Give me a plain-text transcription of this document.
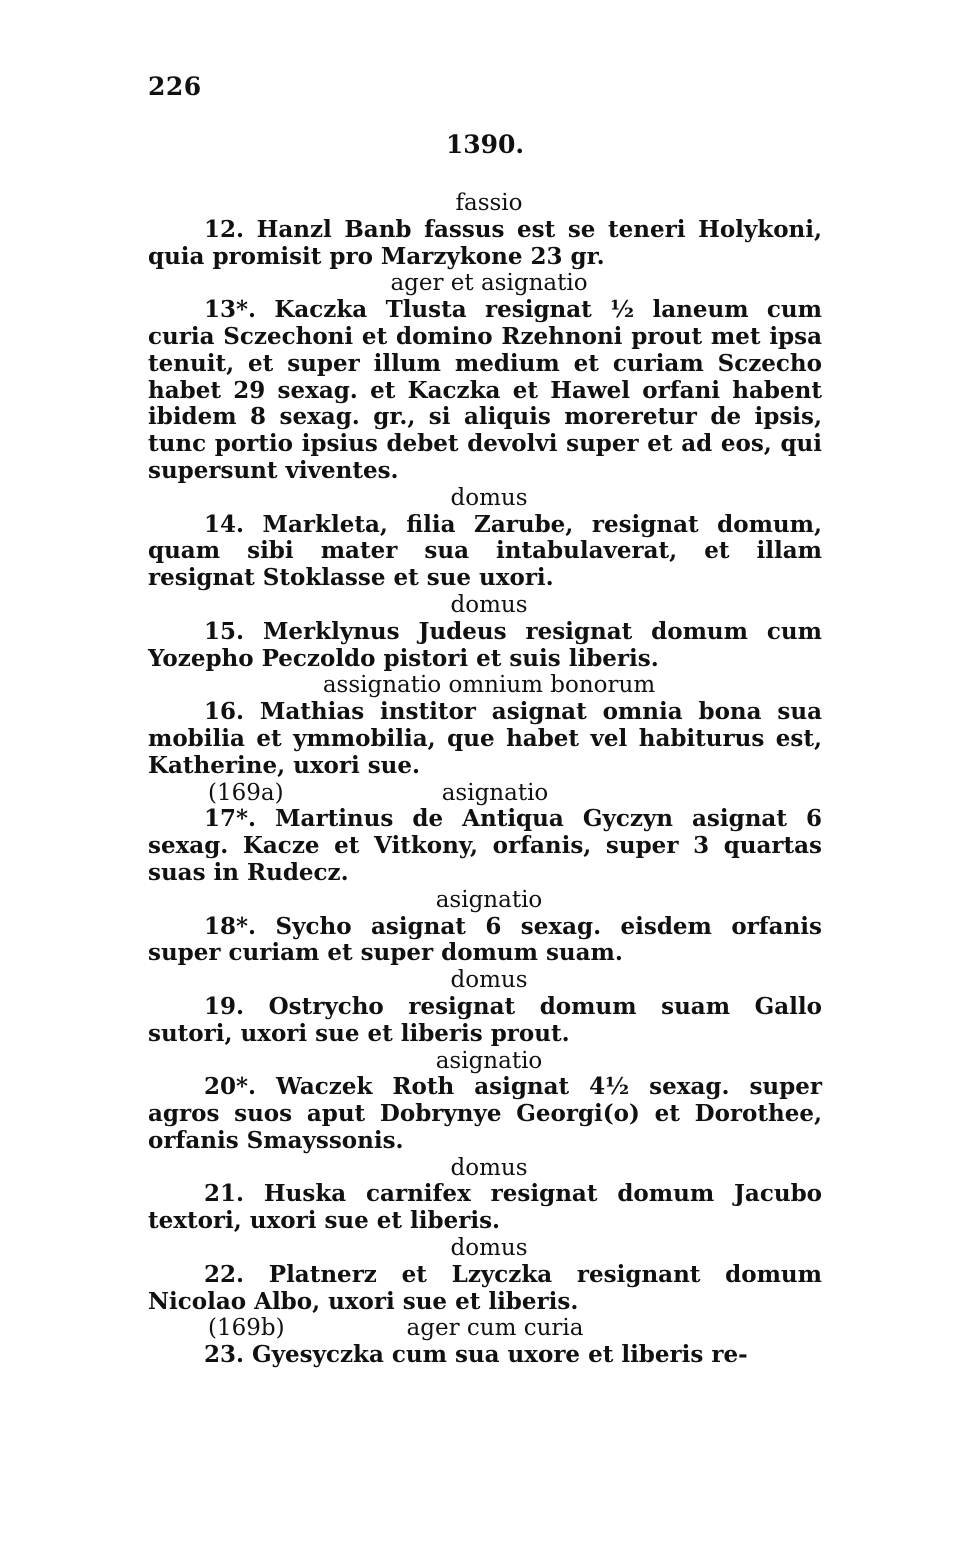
226
1390.
fassio
12. Hanzl Banb fassus est se teneri Holykoni, quia promisit pro Marzykone 23 gr.
ager et asignatio
13*. Kaczka Tlusta resignat ½ laneum cum curia Sczechoni et domino Rzehnoni prout met ipsa tenuit, et super illum medium et curiam Sczecho habet 29 sexag. et Kaczka et Hawel orfani habent ibidem 8 sexag. gr., si aliquis moreretur de ipsis, tunc portio ipsius debet devolvi super et ad eos, qui supersunt viventes.
domus
14. Markleta, filia Zarube, resignat domum, quam sibi mater sua intabulaverat, et illam resignat Stoklasse et sue uxori.
domus
15. Merklynus Judeus resignat domum cum Yozepho Peczoldo pistori et suis liberis.
assignatio omnium bonorum
16. Mathias institor asignat omnia bona sua mobilia et ymmobilia, que habet vel habiturus est, Katherine, uxori sue.
(169a)	asignatio
17*. Martinus de Antiqua Gyczyn asignat 6 sexag. Kacze et Vitkony, orfanis, super 3 quartas suas in Rudecz.
asignatio
18*. Sycho asignat 6 sexag. eisdem orfanis super curiam et super domum suam.
domus
19. Ostrycho resignat domum suam Gallo sutori, uxori sue et liberis prout.
asignatio
20*. Waczek Roth asignat 4½ sexag. super agros suos aput Dobrynye Georgi(o) et Dorothee, orfanis Smayssonis.
domus
21. Huska carnifex resignat domum Jacubo textori, uxori sue et liberis.
domus
22. Platnerz et Lzyczka resignant domum Nicolao Albo, uxori sue et liberis.
(169b)	ager cum curia
23. Gyesyczka cum sua uxore et liberis re-
